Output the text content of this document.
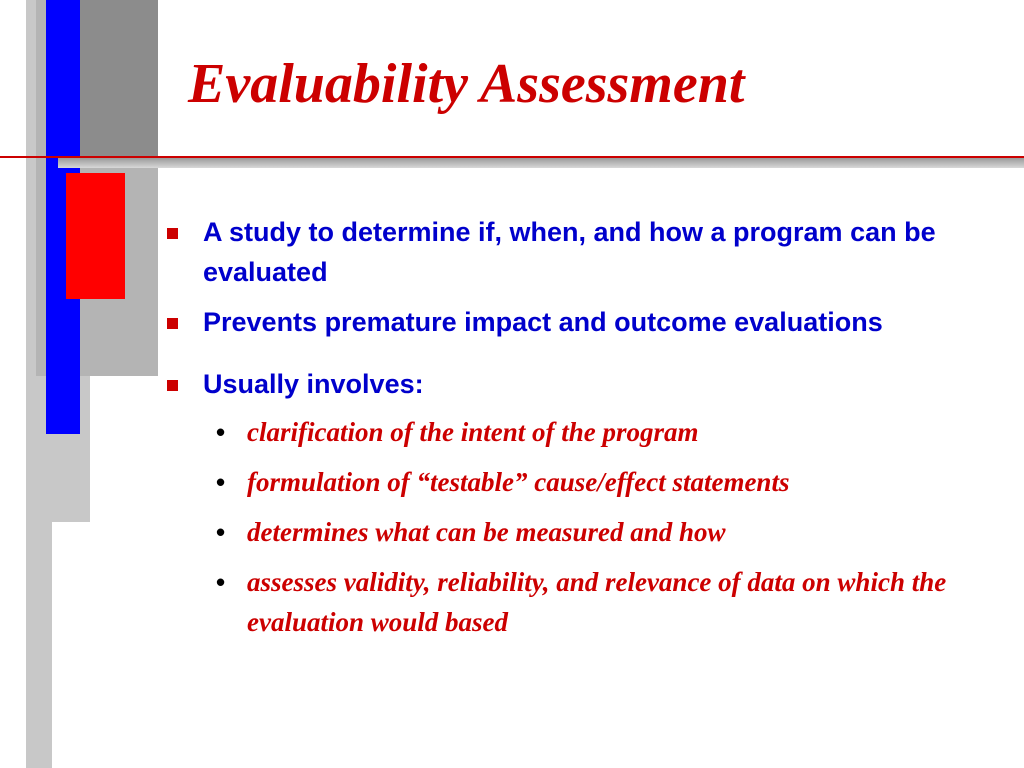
Evaluability Assessment
A study to determine if, when, and how a program can be evaluated
Prevents premature impact and outcome evaluations
Usually involves:
• clarification of the intent of the program
• formulation of “testable” cause/effect statements
• determines what can be measured and how
• assesses validity, reliability, and relevance of data on which the evaluation would based
